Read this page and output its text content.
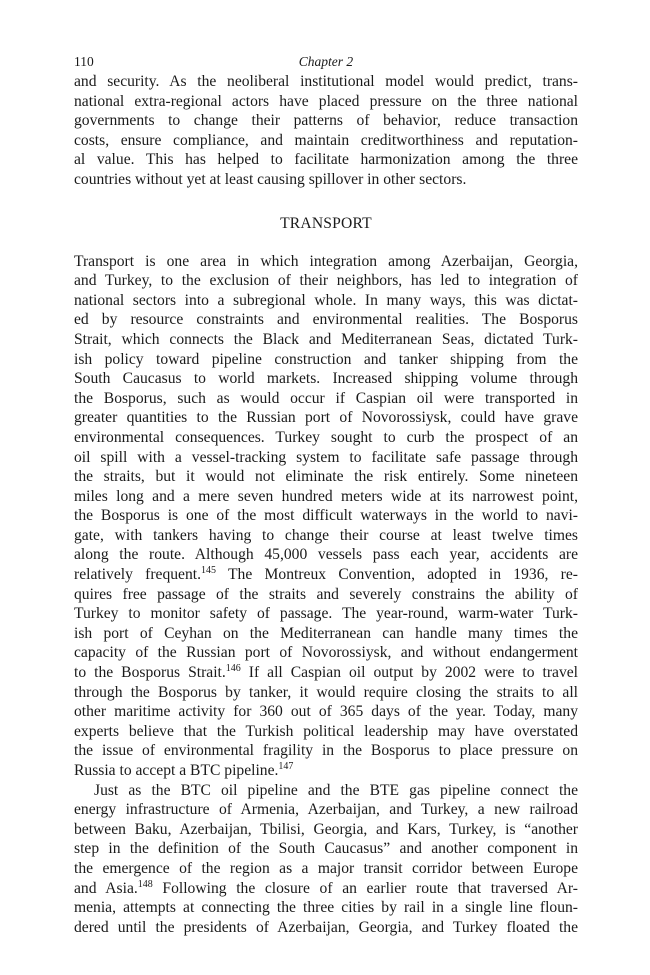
110	Chapter 2

and security. As the neoliberal institutional model would predict, trans-
national extra-regional actors have placed pressure on the three national
governments to change their patterns of behavior, reduce transaction
costs, ensure compliance, and maintain creditworthiness and reputation-
al value. This has helped to facilitate harmonization among the three
countries without yet at least causing spillover in other sectors.

TRANSPORT

Transport is one area in which integration among Azerbaijan, Georgia,
and Turkey, to the exclusion of their neighbors, has led to integration of
national sectors into a subregional whole. In many ways, this was dictat-
ed by resource constraints and environmental realities. The Bosporus
Strait, which connects the Black and Mediterranean Seas, dictated Turk-
ish policy toward pipeline construction and tanker shipping from the
South Caucasus to world markets. Increased shipping volume through
the Bosporus, such as would occur if Caspian oil were transported in
greater quantities to the Russian port of Novorossiysk, could have grave
environmental consequences. Turkey sought to curb the prospect of an
oil spill with a vessel-tracking system to facilitate safe passage through
the straits, but it would not eliminate the risk entirely. Some nineteen
miles long and a mere seven hundred meters wide at its narrowest point,
the Bosporus is one of the most difficult waterways in the world to navi-
gate, with tankers having to change their course at least twelve times
along the route. Although 45,000 vessels pass each year, accidents are
relatively frequent.$^{145}$ The Montreux Convention, adopted in 1936, re-
quires free passage of the straits and severely constrains the ability of
Turkey to monitor safety of passage. The year-round, warm-water Turk-
ish port of Ceyhan on the Mediterranean can handle many times the
capacity of the Russian port of Novorossiysk, and without endangerment
to the Bosporus Strait.$^{146}$ If all Caspian oil output by 2002 were to travel
through the Bosporus by tanker, it would require closing the straits to all
other maritime activity for 360 out of 365 days of the year. Today, many
experts believe that the Turkish political leadership may have overstated
the issue of environmental fragility in the Bosporus to place pressure on
Russia to accept a BTC pipeline.$^{147}$

Just as the BTC oil pipeline and the BTE gas pipeline connect the
energy infrastructure of Armenia, Azerbaijan, and Turkey, a new railroad
between Baku, Azerbaijan, Tbilisi, Georgia, and Kars, Turkey, is “another
step in the definition of the South Caucasus” and another component in
the emergence of the region as a major transit corridor between Europe
and Asia.$^{148}$ Following the closure of an earlier route that traversed Ar-
menia, attempts at connecting the three cities by rail in a single line floun-
dered until the presidents of Azerbaijan, Georgia, and Turkey floated the
